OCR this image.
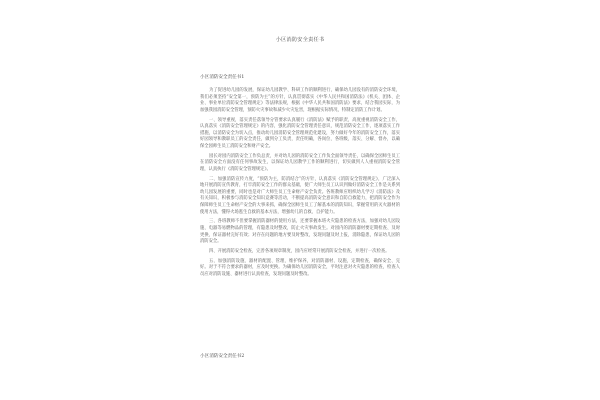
小区消防安全责任书
小区消防安全责任书1

为了促进幼儿园的发展，保证幼儿园教学、科研工作的顺利进行，确保幼儿园没有的消防安全环境，我们必须坚持“安全第一，预防为主”的方针，认真贯彻落实《中华人民共和国消防法》《机关、团体、企业、事业单位消防安全管理规定》等法律法规，根据《中华人民共和国消防法》要求，结合我园实际，为加强我园消防安全管理，预防火灾事故和减少火灾危害，现根据实际情况，特制定消防工作计划。

一、领导重视，落实责任落领导分管要求认真履行《消防法》赋予的职责，高度重视消防安全工作，认真落实《消防安全管理规定》的内容，强化消防安全管理责任意识，规范消防安全工作，逐项落实工作措施，以消防安全为切入点，推动幼儿园消防安全管理规范化建设，努力做好今年的消防安全工作，落实好园领导和教职员工的安全责任，做到分工负责，责任明确，各岗位、各班级，落实、分解、督办，以确保全园师生员工消防安全和财产安全。

园长对园内消防安全工作负总责，并对幼儿园的消防安全工作负全面领导责任，以确保全园师生员工在消防安全方面没有任何事故发生，以保证幼儿园教学工作的顺利进行，切实做到人人重视消防安全管理，认真执行《消防安全管理规定》。

二、加强消防宣传力度，“预防为主，防消结合”的方针，认真落实《消防安全管理规定》，广泛深入地开展消防宣传教育，打牢消防安全工作的群众基础，使广大师生员工认识到做好消防安全工作是关系到幼儿园发展的重要，同时也是对广大师生员工生命财产安全负责。各班教师应组织幼儿学习《消防法》及有关知识，积极参与消防安全知识竞赛等活动，不断提高消防安全意识和自防自救能力，把消防安全作为保障师生员工生命财产安全的大事来抓，确保全园师生员工了解基本的消防知识，掌握常用的灭火器材的使用方法，懂得火场逃生自救的基本方法，增强幼儿的自救、自护能力。

三、各班教师不但要掌握消防器材的使用方法，还要掌握本班火灾隐患的检查方法，加强对幼儿园设施、电器等易燃物品的管理，有隐患及时整改，防止火灾事故发生。对园内的消防器材要定期检查、及时更换，保证器材完好有效；对存在问题的地方要及时整改，发现问题及时上报，消除隐患，保证幼儿园的消防安全。

四、开展消防安全检查，完善各项规章制度，园内应经常开展消防安全检查，并进行一次检查。

五、加强消防设施、器材的配置、管理、维护保养，对消防器材、设施，定期检查，确保安全、完好。对于不符合要求的器材，应及时更换。为确保幼儿园消防安全，平时注意对火灾隐患的检查，检查人员应对消防设施、器材进行认真检查，发现问题及时整改。

小区消防安全责任书2
